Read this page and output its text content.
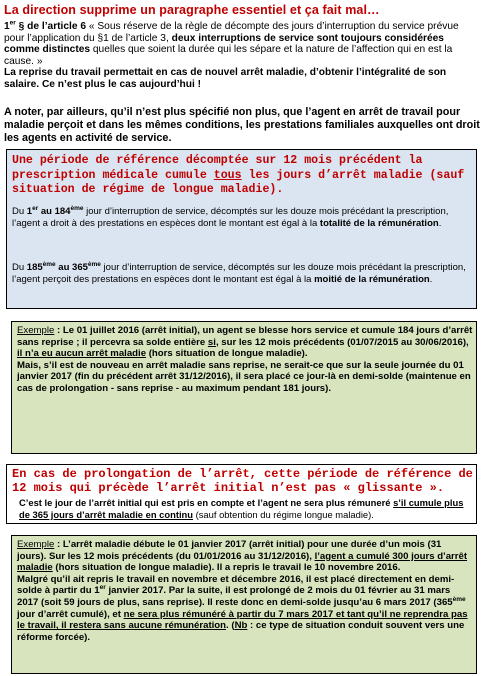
La direction supprime un paragraphe essentiel et ça fait mal…

1er § de l’article 6 « Sous réserve de la règle de décompte des jours d’interruption du service prévue pour l’application du §1 de l’article 3, deux interruptions de service sont toujours considérées comme distinctes quelles que soient la durée qui les sépare et la nature de l’affection qui en est la cause. »
La reprise du travail permettait en cas de nouvel arrêt maladie, d’obtenir l’intégralité de son salaire. Ce n’est plus le cas aujourd’hui !

A noter, par ailleurs, qu’il n’est plus spécifié non plus, que l’agent en arrêt de travail pour maladie perçoit et dans les mêmes conditions, les prestations familiales auxquelles ont droit les agents en activité de service.

Une période de référence décomptée sur 12 mois précédent la prescription médicale cumule tous les jours d’arrêt maladie (sauf situation de régime de longue maladie).

Du 1er au 184ème jour d’interruption de service, décomptés sur les douze mois précédant la prescription, l’agent a droit à des prestations en espèces dont le montant est égal à la totalité de la rémunération.

Du 185ème au 365ème jour d’interruption de service, décomptés sur les douze mois précédant la prescription, l’agent perçoit des prestations en espèces dont le montant est égal à la moitié de la rémunération.

Exemple : Le 01 juillet 2016 (arrêt initial), un agent se blesse hors service et cumule 184 jours d’arrêt sans reprise ; il percevra sa solde entière si, sur les 12 mois précédents (01/07/2015 au 30/06/2016), il n’a eu aucun arrêt maladie (hors situation de longue maladie).
Mais, s’il est de nouveau en arrêt maladie sans reprise, ne serait-ce que sur la seule journée du 01 janvier 2017 (fin du précédent arrêt 31/12/2016), il sera placé ce jour-là en demi-solde (maintenue en cas de prolongation - sans reprise - au maximum pendant 181 jours).

En cas de prolongation de l’arrêt, cette période de référence de 12 mois qui précède l’arrêt initial n’est pas « glissante ».

C’est le jour de l’arrêt initial qui est pris en compte et l’agent ne sera plus rémuneré s’il cumule plus de 365 jours d’arrêt maladie en continu (sauf obtention du régime longue maladie).

Exemple : L’arrêt maladie débute le 01 janvier 2017 (arrêt initial) pour une durée d’un mois (31 jours). Sur les 12 mois précédents (du 01/01/2016 au 31/12/2016), l’agent a cumulé 300 jours d’arrêt maladie (hors situation de longue maladie). Il a repris le travail le 10 novembre 2016.
Malgré qu’il ait repris le travail en novembre et décembre 2016, il est placé directement en demi-solde à partir du 1er janvier 2017. Par la suite, il est prolongé de 2 mois du 01 février au 31 mars 2017 (soit 59 jours de plus, sans reprise). Il reste donc en demi-solde jusqu’au 6 mars 2017 (365ème jour d’arrêt cumulé), et ne sera plus rémunéré à partir du 7 mars 2017 et tant qu’il ne reprendra pas le travail, il restera sans aucune rémunération. (Nb : ce type de situation conduit souvent vers une réforme forcée).
